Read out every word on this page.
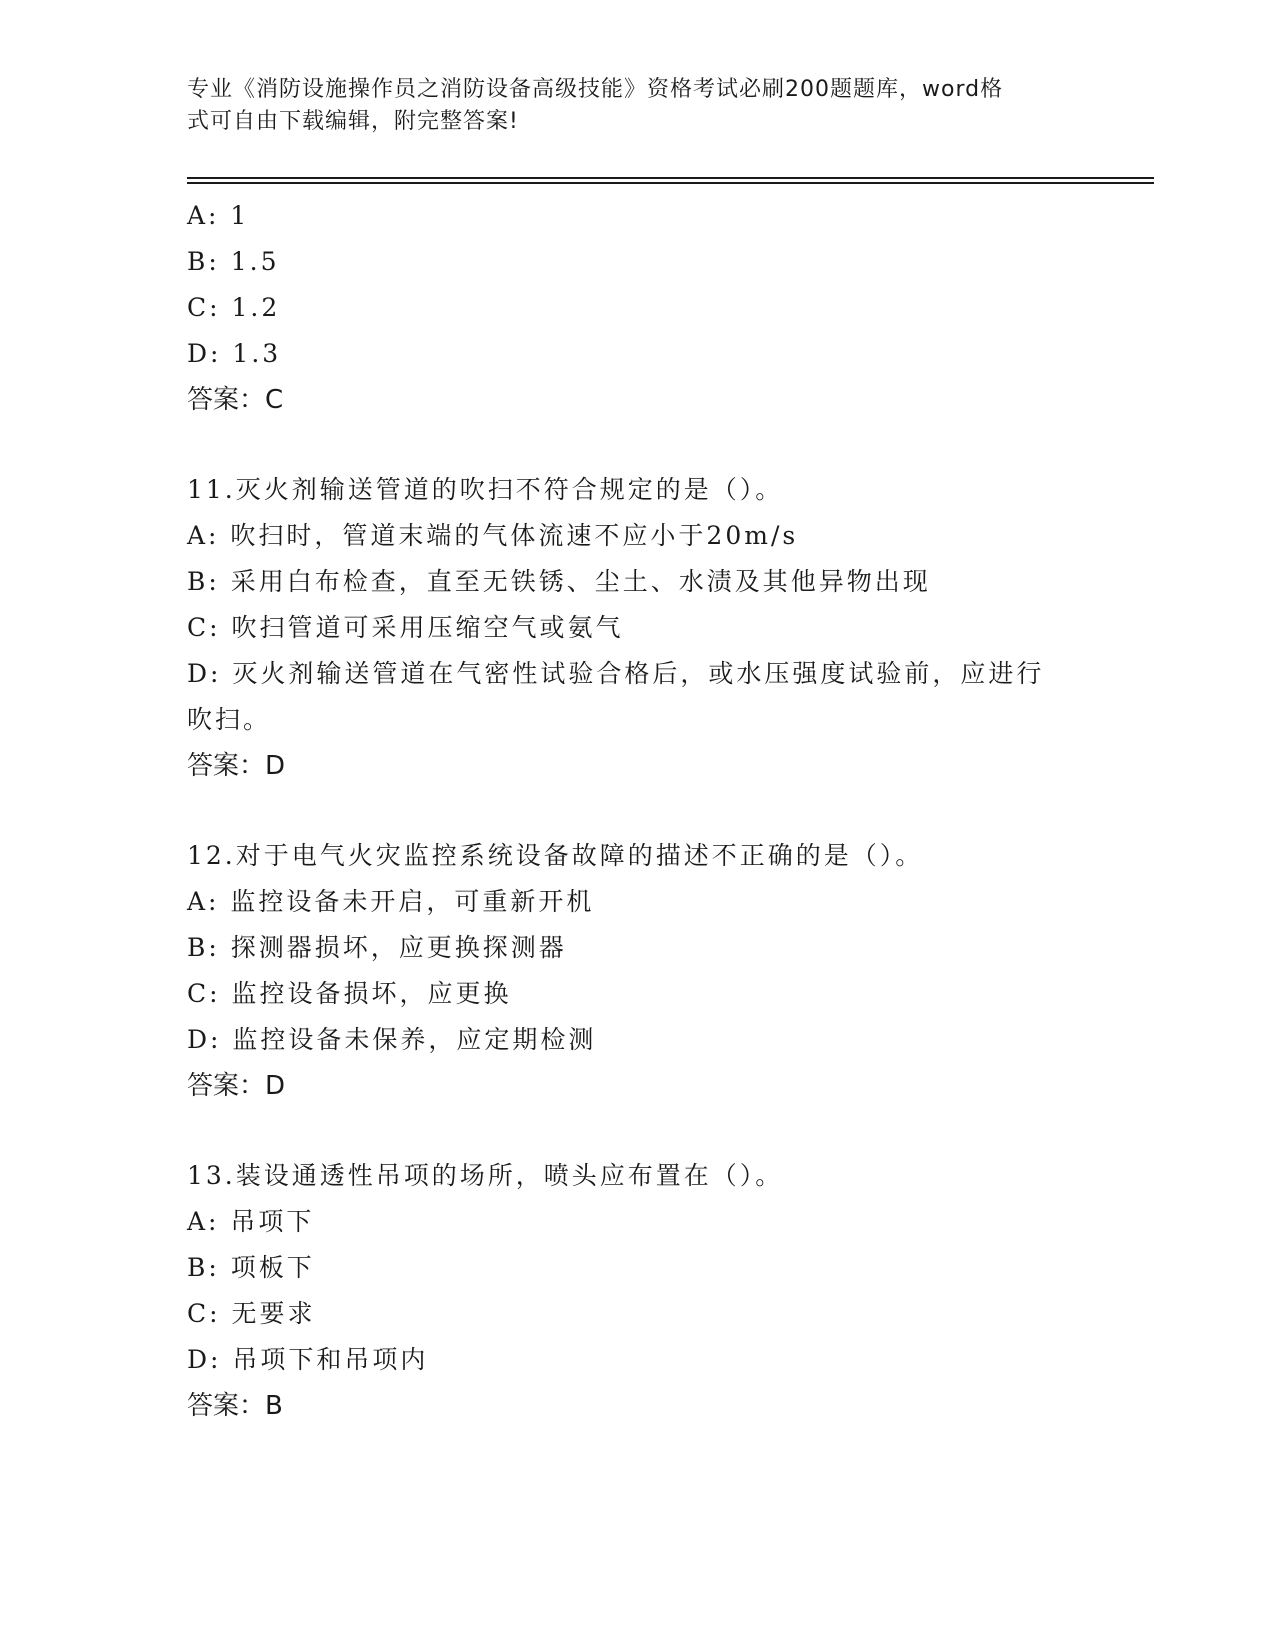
专业《消防设施操作员之消防设备高级技能》资格考试必刷200题题库，word格
式可自由下载编辑，附完整答案!
A: 1
B: 1.5
C: 1.2
D: 1.3
答案：C
11.灭火剂输送管道的吹扫不符合规定的是（）。
A: 吹扫时，管道末端的气体流速不应小于20m/s
B: 采用白布检查，直至无铁锈、尘土、水渍及其他异物出现
C: 吹扫管道可采用压缩空气或氨气
D: 灭火剂输送管道在气密性试验合格后，或水压强度试验前，应进行
吹扫。
答案：D
12.对于电气火灾监控系统设备故障的描述不正确的是（）。
A: 监控设备未开启，可重新开机
B: 探测器损坏，应更换探测器
C: 监控设备损坏，应更换
D: 监控设备未保养，应定期检测
答案：D
13.装设通透性吊项的场所，喷头应布置在（）。
A: 吊项下
B: 项板下
C: 无要求
D: 吊项下和吊项内
答案：B
